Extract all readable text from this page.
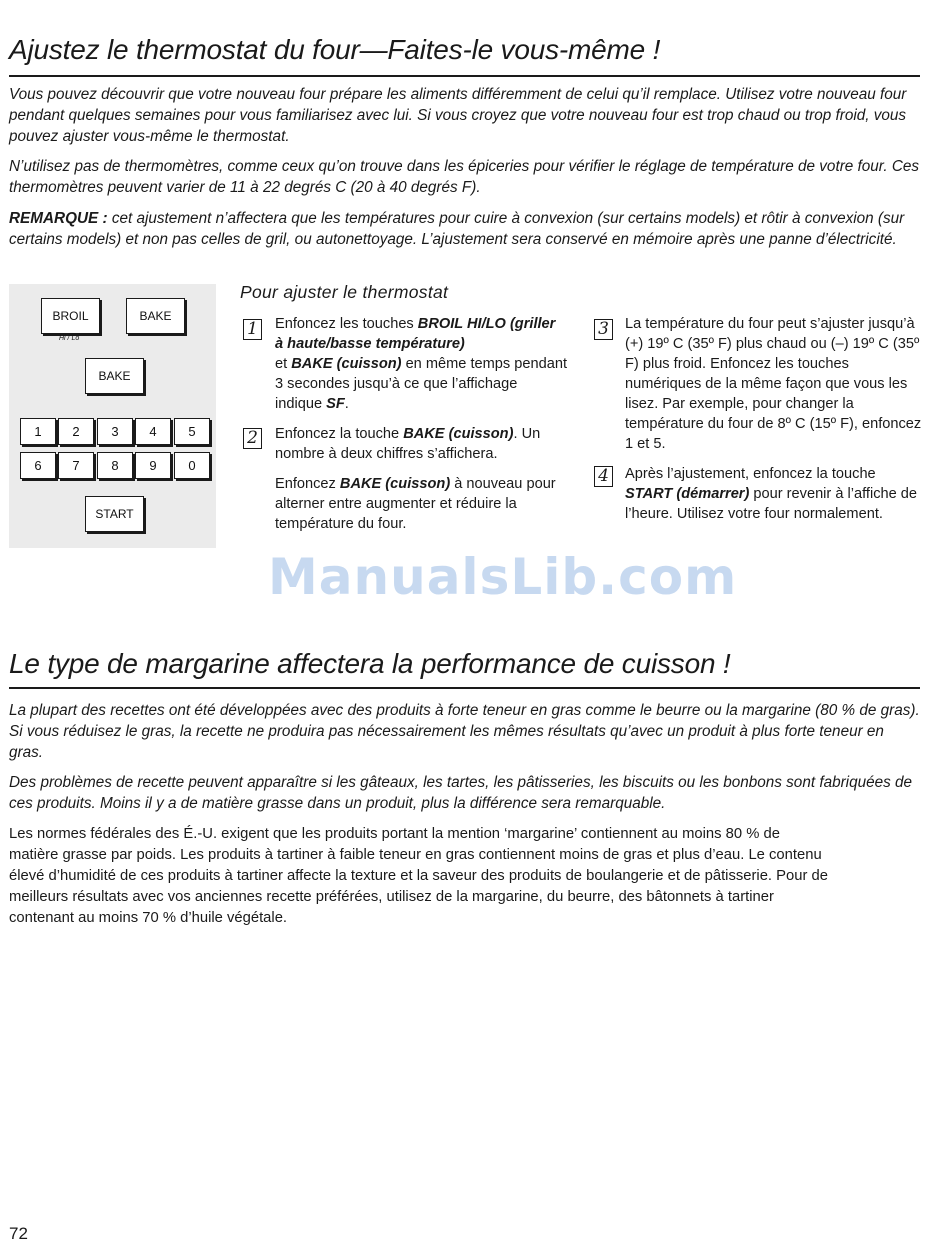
Ajustez le thermostat du four—Faites-le vous-même !

Vous pouvez découvrir que votre nouveau four prépare les aliments différemment de celui qu’il remplace. Utilisez votre nouveau four pendant quelques semaines pour vous familiarisez avec lui. Si vous croyez que votre nouveau four est trop chaud ou trop froid, vous pouvez ajuster vous-même le thermostat.

N’utilisez pas de thermomètres, comme ceux qu’on trouve dans les épiceries pour vérifier le réglage de température de votre four. Ces thermomètres peuvent varier de 11 à 22 degrés C (20 à 40 degrés F).

REMARQUE : cet ajustement n’affectera que les températures pour cuire à convexion (sur certains models) et rôtir à convexion (sur certains models) et non pas celles de gril, ou autonettoyage. L’ajustement sera conservé en mémoire après une panne d’électricité.

BROIL
Hi / Lo
BAKE
BAKE
1	2	3	4	5
6	7	8	9	0
START
Pour ajuster le thermostat
1 Enfoncez les touches BROIL HI/LO (griller à haute/basse température)
et BAKE (cuisson) en même temps pendant 3 secondes jusqu’à ce que l’affichage indique SF.

2 Enfoncez la touche BAKE (cuisson). Un nombre à deux chiffres s’affichera.

Enfoncez BAKE (cuisson) à nouveau pour alterner entre augmenter et réduire la température du four.

3 La température du four peut s’ajuster jusqu’à (+) 19º C (35º F) plus chaud ou (–) 19º C (35º F) plus froid. Enfoncez les touches numériques de la même façon que vous les lisez. Par exemple, pour changer la température du four de 8º C (15º F), enfoncez 1 et 5.

4 Après l’ajustement, enfoncez la touche START (démarrer) pour revenir à l’affiche de l’heure. Utilisez votre four normalement.

ManualsLib.com
Le type de margarine affectera la performance de cuisson !

La plupart des recettes ont été développées avec des produits à forte teneur en gras comme le beurre ou la margarine (80 % de gras). Si vous réduisez le gras, la recette ne produira pas nécessairement les mêmes résultats qu’avec un produit à plus forte teneur en gras.

Des problèmes de recette peuvent apparaître si les gâteaux, les tartes, les pâtisseries, les biscuits ou les bonbons sont fabriquées de ces produits. Moins il y a de matière grasse dans un produit, plus la différence sera remarquable.

Les normes fédérales des É.-U. exigent que les produits portant la mention ‘margarine’ contiennent au moins 80 % de matière grasse par poids. Les produits à tartiner à faible teneur en gras contiennent moins de gras et plus d’eau. Le contenu élevé d’humidité de ces produits à tartiner affecte la texture et la saveur des produits de boulangerie et de pâtisserie. Pour de meilleurs résultats avec vos anciennes recette préférées, utilisez de la margarine, du beurre, des bâtonnets à tartiner contenant au moins 70 % d’huile végétale.

72
